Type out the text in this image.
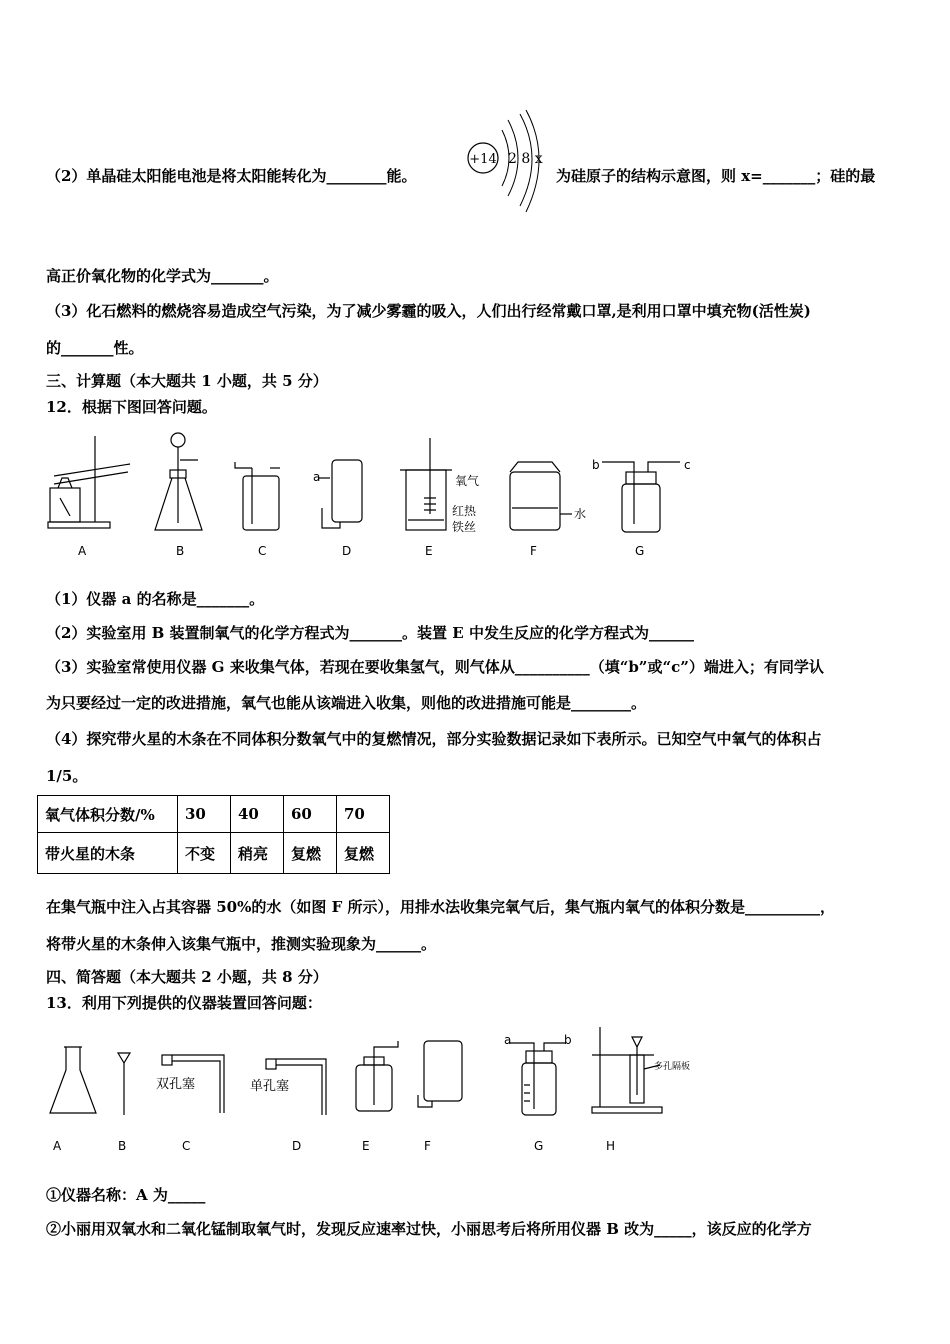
（2）单晶硅太阳能电池是将太阳能转化为________能。
+14 2 8 x
为硅原子的结构示意图，则 x=_______；硅的最
高正价氧化物的化学式为_______。
（3）化石燃料的燃烧容易造成空气污染，为了减少雾霾的吸入，人们出行经常戴口罩,是利用口罩中填充物(活性炭)
的_______性。
三、计算题（本大题共 1 小题，共 5 分）
12．根据下图回答问题。
A	B	C	D	E	F	G
a	氧气
红热
铁丝
水
b	c
（1）仪器 a 的名称是_______。
（2）实验室用 B 装置制氧气的化学方程式为_______。装置 E 中发生反应的化学方程式为______
（3）实验室常使用仪器 G 来收集气体，若现在要收集氢气，则气体从__________（填“b”或“c”）端进入；有同学认
为只要经过一定的改进措施，氧气也能从该端进入收集，则他的改进措施可能是________。
（4）探究带火星的木条在不同体积分数氧气中的复燃情况，部分实验数据记录如下表所示。已知空气中氧气的体积占
1/5。
氧气体积分数/%	30	40	60	70
带火星的木条	不变	稍亮	复燃	复燃
在集气瓶中注入占其容器 50%的水（如图 F 所示），用排水法收集完氧气后，集气瓶内氧气的体积分数是__________，
将带火星的木条伸入该集气瓶中，推测实验现象为______。
四、简答题（本大题共 2 小题，共 8 分）
13．利用下列提供的仪器装置回答问题：
A	B	C	D	E	F	G	H
双孔塞	单孔塞
a	b
多孔隔板
①仪器名称：A 为_____
②小丽用双氧水和二氧化锰制取氧气时，发现反应速率过快，小丽思考后将所用仪器 B 改为_____，该反应的化学方
